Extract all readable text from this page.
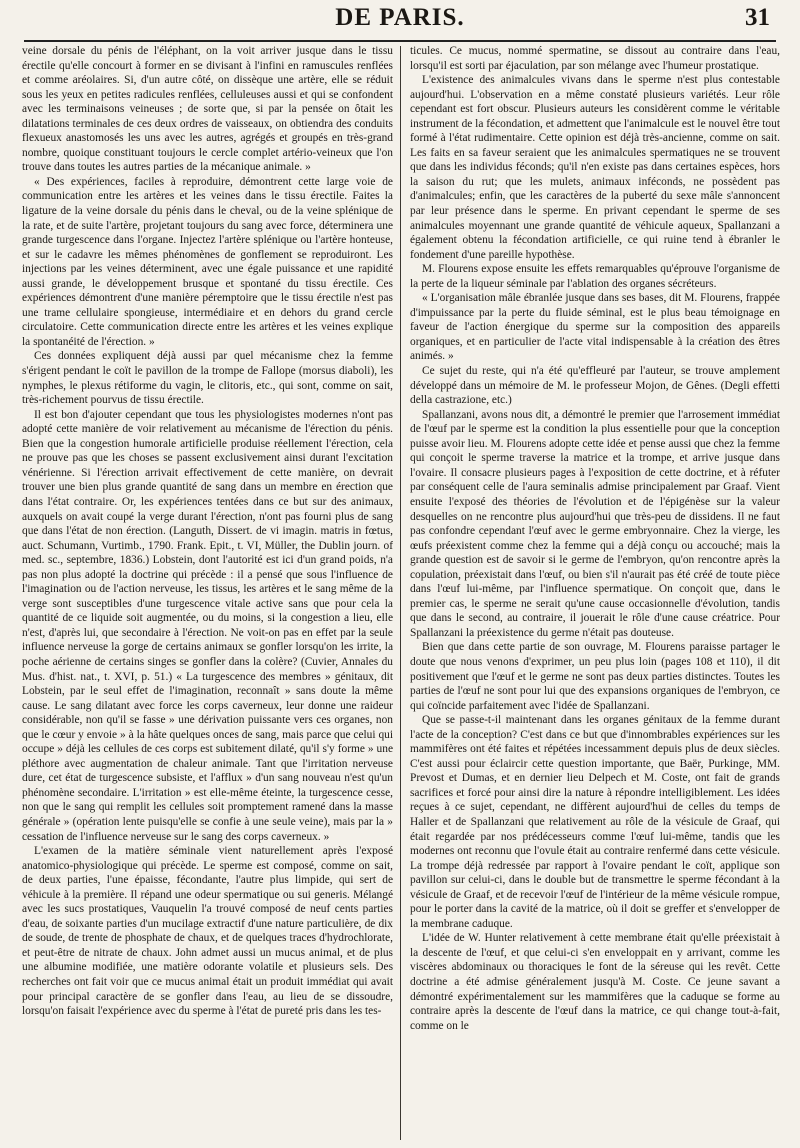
DE PARIS.	31

veine dorsale du pénis de l'éléphant, on la voit arriver jusque dans le tissu érectile qu'elle concourt à former en se divisant à l'infini en ramuscules renflées et comme aréolaires. Si, d'un autre côté, on dissèque une artère, elle se réduit sous les yeux en petites radicules renflées, celluleuses aussi et qui se confondent avec les terminaisons veineuses ; de sorte que, si par la pensée on ôtait les dilatations terminales de ces deux ordres de vaisseaux, on obtiendra des conduits flexueux anastomosés les uns avec les autres, agrégés et groupés en très-grand nombre, quoique constituant toujours le cercle complet artério-veineux que l'on trouve dans toutes les autres parties de la mécanique animale. »

« Des expériences, faciles à reproduire, démontrent cette large voie de communication entre les artères et les veines dans le tissu érectile. Faites la ligature de la veine dorsale du pénis dans le cheval, ou de la veine splénique de la rate, et de suite l'artère, projetant toujours du sang avec force, déterminera une grande turgescence dans l'organe. Injectez l'artère splénique ou l'artère honteuse, et sur le cadavre les mêmes phénomènes de gonflement se reproduiront. Les injections par les veines déterminent, avec une égale puissance et une rapidité aussi grande, le développement brusque et spontané du tissu érectile. Ces expériences démontrent d'une manière péremptoire que le tissu érectile n'est pas une trame cellulaire spongieuse, intermédiaire et en dehors du grand cercle circulatoire. Cette communication directe entre les artères et les veines explique la spontanéité de l'érection. »

Ces données expliquent déjà aussi par quel mécanisme chez la femme s'érigent pendant le coït le pavillon de la trompe de Fallope (morsus diaboli), les nymphes, le plexus rétiforme du vagin, le clitoris, etc., qui sont, comme on sait, très-richement pourvus de tissu érectile.

Il est bon d'ajouter cependant que tous les physiologistes modernes n'ont pas adopté cette manière de voir relativement au mécanisme de l'érection du pénis. Bien que la congestion humorale artificielle produise réellement l'érection, cela ne prouve pas que les choses se passent exclusivement ainsi durant l'excitation vénérienne. Si l'érection arrivait effectivement de cette manière, on devrait trouver une bien plus grande quantité de sang dans un membre en érection que dans l'état contraire. Or, les expériences tentées dans ce but sur des animaux, auxquels on avait coupé la verge durant l'érection, n'ont pas fourni plus de sang que dans l'état de non érection. (Languth, Dissert. de vi imagin. matris in fœtus, auct. Schumann, Vurtimb., 1790. Frank. Epit., t. VI, Müller, the Dublin journ. of med. sc., septembre, 1836.) Lobstein, dont l'autorité est ici d'un grand poids, n'a pas non plus adopté la doctrine qui précède : il a pensé que sous l'influence de l'imagination ou de l'action nerveuse, les tissus, les artères et le sang même de la verge sont susceptibles d'une turgescence vitale active sans que pour cela la quantité de ce liquide soit augmentée, ou du moins, si la congestion a lieu, elle n'est, d'après lui, que secondaire à l'érection. Ne voit-on pas en effet par la seule influence nerveuse la gorge de certains animaux se gonfler lorsqu'on les irrite, la poche aérienne de certains singes se gonfler dans la colère? (Cuvier, Annales du Mus. d'hist. nat., t. XVI, p. 51.) « La turgescence des membres » génitaux, dit Lobstein, par le seul effet de l'imagination, reconnaît » sans doute la même cause. Le sang dilatant avec force les corps caverneux, leur donne une raideur considérable, non qu'il se fasse » une dérivation puissante vers ces organes, non que le cœur y envoie » à la hâte quelques onces de sang, mais parce que celui qui occupe » déjà les cellules de ces corps est subitement dilaté, qu'il s'y forme » une pléthore avec augmentation de chaleur animale. Tant que l'irritation nerveuse dure, cet état de turgescence subsiste, et l'afflux » d'un sang nouveau n'est qu'un phénomène secondaire. L'irritation » est elle-même éteinte, la turgescence cesse, non que le sang qui remplit les cellules soit promptement ramené dans la masse générale » (opération lente puisqu'elle se confie à une seule veine), mais par la » cessation de l'influence nerveuse sur le sang des corps caverneux. »

L'examen de la matière séminale vient naturellement après l'exposé anatomico-physiologique qui précède. Le sperme est composé, comme on sait, de deux parties, l'une épaisse, fécondante, l'autre plus limpide, qui sert de véhicule à la première. Il répand une odeur spermatique ou sui generis. Mélangé avec les sucs prostatiques, Vauquelin l'a trouvé composé de neuf cents parties d'eau, de soixante parties d'un mucilage extractif d'une nature particulière, de dix de soude, de trente de phosphate de chaux, et de quelques traces d'hydrochlorate, et peut-être de nitrate de chaux. John admet aussi un mucus animal, et de plus une albumine modifiée, une matière odorante volatile et plusieurs sels. Des recherches ont fait voir que ce mucus animal était un produit immédiat qui avait pour principal caractère de se gonfler dans l'eau, au lieu de se dissoudre, lorsqu'on faisait l'expérience avec du sperme à l'état de pureté pris dans les tes-

ticules. Ce mucus, nommé spermatine, se dissout au contraire dans l'eau, lorsqu'il est sorti par éjaculation, par son mélange avec l'humeur prostatique.

L'existence des animalcules vivans dans le sperme n'est plus contestable aujourd'hui. L'observation en a même constaté plusieurs variétés. Leur rôle cependant est fort obscur. Plusieurs auteurs les considèrent comme le véritable instrument de la fécondation, et admettent que l'animalcule est le nouvel être tout formé à l'état rudimentaire. Cette opinion est déjà très-ancienne, comme on sait. Les faits en sa faveur seraient que les animalcules spermatiques ne se trouvent que dans les individus féconds; qu'il n'en existe pas dans certaines espèces, hors la saison du rut; que les mulets, animaux inféconds, ne possèdent pas d'animalcules; enfin, que les caractères de la puberté du sexe mâle s'annoncent par leur présence dans le sperme. En privant cependant le sperme de ses animalcules moyennant une grande quantité de véhicule aqueux, Spallanzani a également obtenu la fécondation artificielle, ce qui ruine tend à ébranler le fondement d'une pareille hypothèse.

M. Flourens expose ensuite les effets remarquables qu'éprouve l'organisme de la perte de la liqueur séminale par l'ablation des organes sécréteurs.

« L'organisation mâle ébranlée jusque dans ses bases, dit M. Flourens, frappée d'impuissance par la perte du fluide séminal, est le plus beau témoignage en faveur de l'action énergique du sperme sur la composition des appareils organiques, et en particulier de l'acte vital indispensable à la création des êtres animés. »

Ce sujet du reste, qui n'a été qu'effleuré par l'auteur, se trouve amplement développé dans un mémoire de M. le professeur Mojon, de Gênes. (Degli effetti della castrazione, etc.)

Spallanzani, avons nous dit, a démontré le premier que l'arrosement immédiat de l'œuf par le sperme est la condition la plus essentielle pour que la conception puisse avoir lieu. M. Flourens adopte cette idée et pense aussi que chez la femme qui conçoit le sperme traverse la matrice et la trompe, et arrive jusque dans l'ovaire. Il consacre plusieurs pages à l'exposition de cette doctrine, et à réfuter par conséquent celle de l'aura seminalis admise principalement par Graaf. Vient ensuite l'exposé des théories de l'évolution et de l'épigénèse sur la valeur desquelles on ne rencontre plus aujourd'hui que très-peu de dissidens. Il ne faut pas confondre cependant l'œuf avec le germe embryonnaire. Chez la vierge, les œufs préexistent comme chez la femme qui a déjà conçu ou accouché; mais la grande question est de savoir si le germe de l'embryon, qu'on rencontre après la copulation, préexistait dans l'œuf, ou bien s'il n'aurait pas été créé de toute pièce dans l'œuf lui-même, par l'influence spermatique. On conçoit que, dans le premier cas, le sperme ne serait qu'une cause occasionnelle d'évolution, tandis que dans le second, au contraire, il jouerait le rôle d'une cause créatrice. Pour Spallanzani la préexistence du germe n'était pas douteuse.

Bien que dans cette partie de son ouvrage, M. Flourens paraisse partager le doute que nous venons d'exprimer, un peu plus loin (pages 108 et 110), il dit positivement que l'œuf et le germe ne sont pas deux parties distinctes. Toutes les parties de l'œuf ne sont pour lui que des expansions organiques de l'embryon, ce qui coïncide parfaitement avec l'idée de Spallanzani.

Que se passe-t-il maintenant dans les organes génitaux de la femme durant l'acte de la conception? C'est dans ce but que d'innombrables expériences sur les mammifères ont été faites et répétées incessamment depuis plus de deux siècles. C'est aussi pour éclaircir cette question importante, que Baër, Purkinge, MM. Prevost et Dumas, et en dernier lieu Delpech et M. Coste, ont fait de grands sacrifices et forcé pour ainsi dire la nature à répondre intelligiblement. Les idées reçues à ce sujet, cependant, ne diffèrent aujourd'hui de celles du temps de Haller et de Spallanzani que relativement au rôle de la vésicule de Graaf, qui était regardée par nos prédécesseurs comme l'œuf lui-même, tandis que les modernes ont reconnu que l'ovule était au contraire renfermé dans cette vésicule. La trompe déjà redressée par rapport à l'ovaire pendant le coït, applique son pavillon sur celui-ci, dans le double but de transmettre le sperme fécondant à la vésicule de Graaf, et de recevoir l'œuf de l'intérieur de la même vésicule rompue, pour le porter dans la cavité de la matrice, où il doit se greffer et s'envelopper de la membrane caduque.

L'idée de W. Hunter relativement à cette membrane était qu'elle préexistait à la descente de l'œuf, et que celui-ci s'en enveloppait en y arrivant, comme les viscères abdominaux ou thoraciques le font de la séreuse qui les revêt. Cette doctrine a été admise généralement jusqu'à M. Coste. Ce jeune savant a démontré expérimentalement sur les mammifères que la caduque se forme au contraire après la descente de l'œuf dans la matrice, ce qui change tout-à-fait, comme on le
